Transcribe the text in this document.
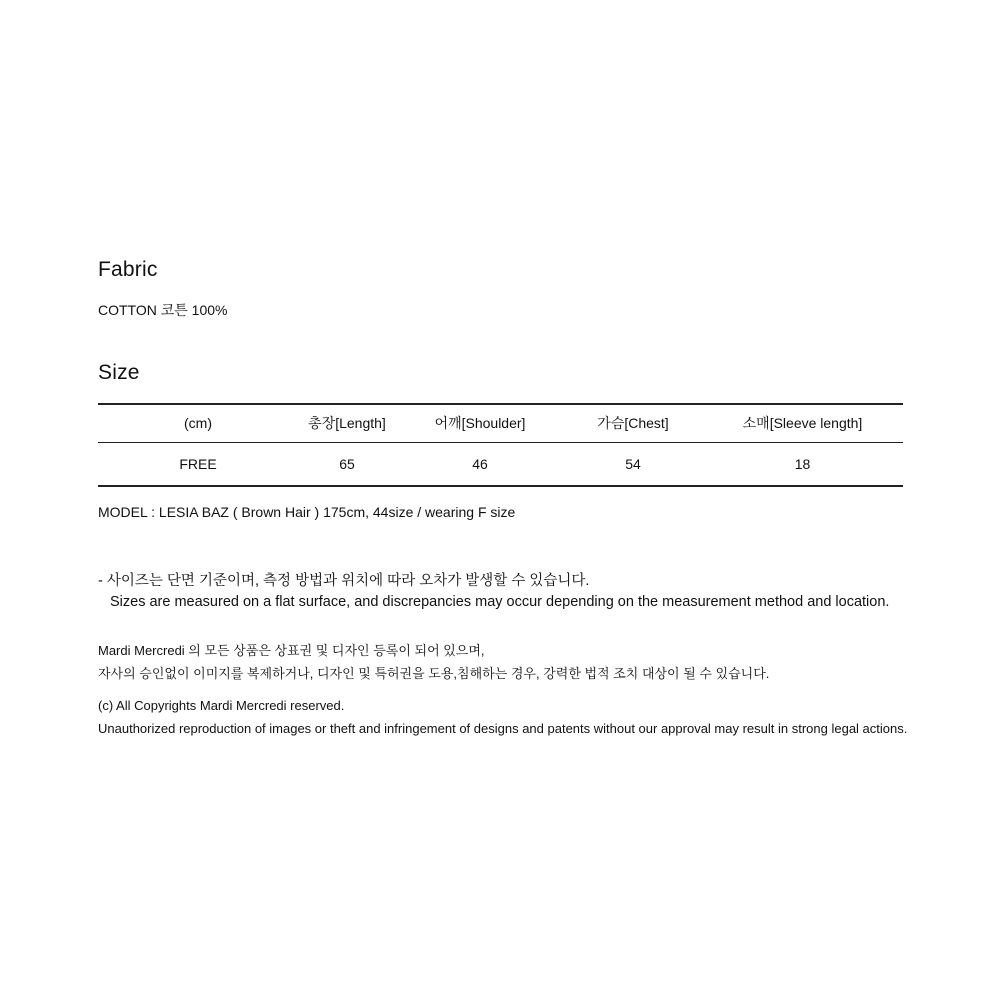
Fabric
COTTON 코튼 100%
Size
(cm)	총장[Length]	어깨[Shoulder]	가슴[Chest]	소매[Sleeve length]
FREE	65	46	54	18
MODEL : LESIA BAZ ( Brown Hair ) 175cm, 44size / wearing F size
- 사이즈는 단면 기준이며, 측정 방법과 위치에 따라 오차가 발생할 수 있습니다.
Sizes are measured on a flat surface, and discrepancies may occur depending on the measurement method and location.
Mardi Mercredi 의 모든 상품은 상표권 및 디자인 등록이 되어 있으며,
자사의 승인없이 이미지를 복제하거나, 디자인 및 특허권을 도용,침해하는 경우, 강력한 법적 조치 대상이 될 수 있습니다.
(c) All Copyrights Mardi Mercredi reserved.
Unauthorized reproduction of images or theft and infringement of designs and patents without our approval may result in strong legal actions.
